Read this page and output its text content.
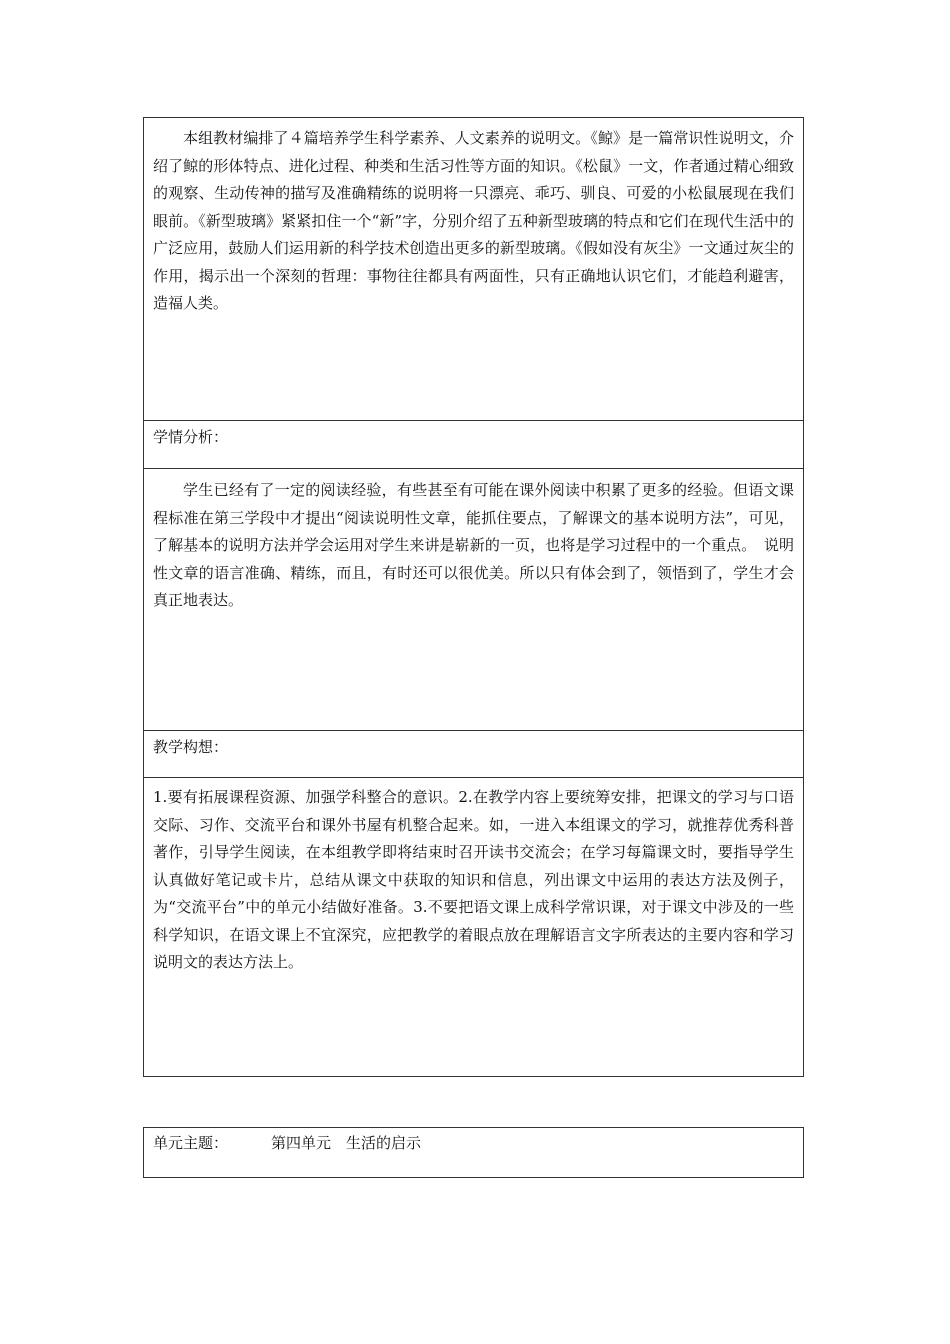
本组教材编排了４篇培养学生科学素养、人文素养的说明文。《鲸》是一篇常识性说明文，介绍了鲸的形体特点、进化过程、种类和生活习性等方面的知识。《松鼠》一文，作者通过精心细致的观察、生动传神的描写及准确精练的说明将一只漂亮、乖巧、驯良、可爱的小松鼠展现在我们眼前。《新型玻璃》紧紧扣住一个“新”字，分别介绍了五种新型玻璃的特点和它们在现代生活中的广泛应用，鼓励人们运用新的科学技术创造出更多的新型玻璃。《假如没有灰尘》一文通过灰尘的作用，揭示出一个深刻的哲理：事物往往都具有两面性，只有正确地认识它们，才能趋利避害，造福人类。
学情分析：
学生已经有了一定的阅读经验，有些甚至有可能在课外阅读中积累了更多的经验。但语文课程标准在第三学段中才提出“阅读说明性文章，能抓住要点，了解课文的基本说明方法”，可见，了解基本的说明方法并学会运用对学生来讲是崭新的一页，也将是学习过程中的一个重点。　说明性文章的语言准确、精练，而且，有时还可以很优美。所以只有体会到了，领悟到了，学生才会真正地表达。
教学构想：
1.要有拓展课程资源、加强学科整合的意识。2.在教学内容上要统筹安排，把课文的学习与口语交际、习作、交流平台和课外书屋有机整合起来。如，一进入本组课文的学习，就推荐优秀科普著作，引导学生阅读，在本组教学即将结束时召开读书交流会；在学习每篇课文时，要指导学生认真做好笔记或卡片，总结从课文中获取的知识和信息，列出课文中运用的表达方法及例子，为“交流平台”中的单元小结做好准备。3.不要把语文课上成科学常识课，对于课文中涉及的一些科学知识，在语文课上不宜深究，应把教学的着眼点放在理解语言文字所表达的主要内容和学习说明文的表达方法上。
单元主题：	第四单元　生活的启示
